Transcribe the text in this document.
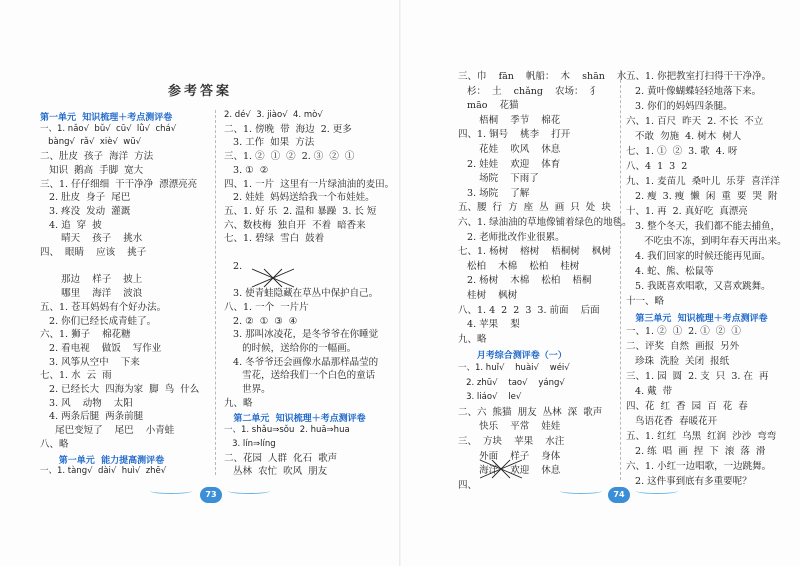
参考答案
第一单元  知识梳理＋考点测评卷
一、1. nǎo√  bǔ√  cū√  lǜ√  chá√
bàng√  rǎ√  xiè√  wū√
二、肚皮  孩子  海洋  方法
知识  鹅高  手脚  宽大
三、1. 仔仔细细  干干净净  漂漂亮亮
2. 肚皮  身子  尾巴
3. 疼没  发动  灌溉
4. 追  穿  披
晴天    孩子    挑水
四、  眼睛    应该    挑子
那边    样子    披上
哪里    海洋    波浪
五、1. 苍耳妈妈有个好办法。
2. 你们已经长成青蛙了。
六、1. 狮子    棉花糖
2. 看电视    做饭    写作业
3. 风筝从空中    下来
七、1. 水  云  雨
2. 已经长大  四海为家  脚  鸟  什么
3. 风    动物    太阳
4. 两条后腿  两条前腿
尾巴变短了    尾巴    小青蛙
八、略
第一单元  能力提高测评卷
一、1. tàng√  dài√  huì√  zhē√
2. dé√  3. jiào√  4. mò√
二、1. 傍晚  带  海边  2. 更多
3. 工作  如果  方法
三、1. ②  ①  ②  2. ③  ②  ①
3. ①  ②
四、1. 一片  这里有一片绿油油的麦田。
2. 娃娃  妈妈送给我一个布娃娃。
五、1. 好 乐  2. 温和 暴躁  3. 长 短
六、数枝梅  独自开  不着  暗香来
七、1. 碧绿  雪白  鼓着
2.
3. 使青蛙隐藏在草丛中保护自己。
八、1. 一个  一片片
2. ②  ①  ③  ④
3. 那叫冰凌花，是冬爷爷在你睡觉
的时候，送给你的一幅画。
4. 冬爷爷还会画像水晶那样晶莹的
雪花，送给我们一个白色的童话
世界。
九、略
第二单元  知识梳理＋考点测评卷
一、1. shǎu⇒sǒu  2. huā⇒hua
3. lín⇒líng
二、花园  人群  化石  歌声
丛林  农忙  吹风  朋友
73
三、巾    fān    帆船：  木    shān    水
杉：  土    chǎng    农场：  犭
māo    花猫
梧桐    季节    棉花
四、1. 铜号    桃李    打开
花娃    吹风    休息
2. 娃娃    欢迎    体育
场院    下雨了
3. 场院    了解
五、腰  行  方  座  丛  画  只  处  块
六、1. 绿油油的草地像铺着绿色的地毯。
2. 老师批改作业很累。
七、1. 杨树    榕树    梧桐树    枫树
松柏    木棉    松柏    桂树
2. 杨树    木棉    松柏    梧桐
桂树    枫树
八、1. 4  2  2  3  3. 前面    后面
4. 苹果    梨
九、略
月考综合测评卷（一）
一、1. huǐ√    huài√    wéi√
2. zhū√    tao√    yáng√
3. liáo√    le√
二、六  熊猫  朋友  丛林  深  歌声
快乐    平常    娃娃
三、  方块    苹果    水注
外面    样子    身体
海洋    欢迎    休息
四、
五、1. 你把教室打扫得干干净净。
2. 黄叶像蝴蝶轻轻地落下来。
3. 你们的妈妈四条腿。
六、1. 百尺  昨天  2. 不长  不立
不敢  勿施  4. 树木  树人
七、1. ①  ②  3. 歌  4. 呀
八、4  1  3  2
九、1. 麦苗儿  桑叶儿  乐芽  喜洋洋
2. 瘦  3. 瘦  懒  闲  重  要  哭  附
十、1. 再  2. 真好吃  真漂亮
3. 整个冬天，我们都不能去捕鱼，
不吃虫不冻，到明年春天再出来。
4. 我们回家的时候还能再见面。
4. 蛇、熊、松鼠等
5. 我既喜欢唱歌，又喜欢跳舞。
十一、略
第三单元  知识梳理＋考点测评卷
一、1. ②  ①  2. ①  ②  ①
二、评奖  自然  画报  另外
珍珠  洗脸  关闭  报纸
三、1. 园  圆  2. 支  只  3. 在  再
4. 戴  带
四、花  红  香  园  百  花  春
鸟语花香  春暖花开
五、1. 红红  乌黑  红润  沙沙  弯弯
2. 练  唱  画  捏  下  滚  落  滑
六、1. 小红一边唱歌，一边跳舞。
2. 这件事到底有多重要呢？
74
